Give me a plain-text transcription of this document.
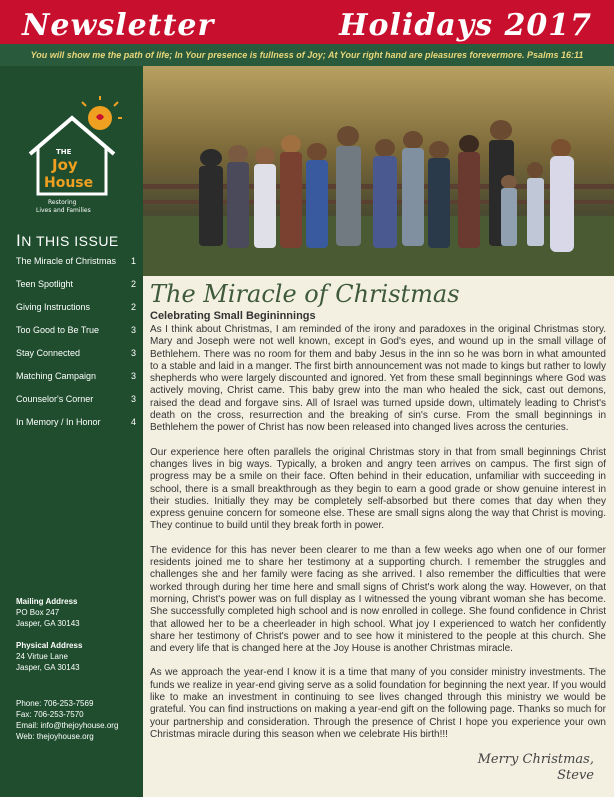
Newsletter	Holidays 2017
You will show me the path of life; In Your presence is fullness of Joy; At Your right hand are pleasures forevermore. Psalms 16:11
THE
Joy
House
Restoring
Lives and Families
IN THIS ISSUE
The Miracle of Christmas 1
Teen Spotlight	2
Giving Instructions	2
Too Good to Be True	3
Stay Connected	3
Matching Campaign	3
Counselor's Corner	3
In Memory / In Honor	4
Mailing Address
PO Box 247
Jasper, GA 30143
Physical Address
24 Virtue Lane
Jasper, GA 30143
Phone: 706-253-7569
Fax: 706-253-7570
Email: info@thejoyhouse.org
Web: thejoyhouse.org
The Miracle of Christmas
Celebrating Small Begininnings

As I think about Christmas, I am reminded of the irony and paradoxes in the original Christmas story. Mary and Joseph were not well known, except in God's eyes, and wound up in the small village of Bethlehem. There was no room for them and baby Jesus in the inn so he was born in what amounted to a stable and laid in a manger. The first birth announcement was not made to kings but rather to lowly shepherds who were largely discounted and ignored. Yet from these small beginnings where God was actively moving, Christ came. This baby grew into the man who healed the sick, cast out demons, raised the dead and forgave sins. All of Israel was turned upside down, ultimately leading to Christ's death on the cross, resurrection and the breaking of sin's curse. From the small beginnings in Bethlehem the power of Christ has now been released into changed lives across the centuries.

Our experience here often parallels the original Christmas story in that from small beginnings Christ changes lives in big ways. Typically, a broken and angry teen arrives on campus. The first sign of progress may be a smile on their face. Often behind in their education, unfamiliar with succeeding in school, there is a small breakthrough as they begin to earn a good grade or show genuine interest in their studies. Initially they may be completely self-absorbed but there comes that day when they express genuine concern for someone else. These are small signs along the way that Christ is moving. They continue to build until they break forth in power.

The evidence for this has never been clearer to me than a few weeks ago when one of our former residents joined me to share her testimony at a supporting church. I remember the struggles and challenges she and her family were facing as she arrived. I also remember the difficulties that were worked through during her time here and small signs of Christ's work along the way. However, on that morning, Christ's power was on full display as I witnessed the young vibrant woman she has become. She successfully completed high school and is now enrolled in college. She found confidence in Christ that allowed her to be a cheerleader in high school. What joy I experienced to watch her confidently share her testimony of Christ's power and to see how it ministered to the people at this church. She and every life that is changed here at the Joy House is another Christmas miracle.

As we approach the year-end I know it is a time that many of you consider ministry investments. The funds we realize in year-end giving serve as a solid foundation for beginning the next year. If you would like to make an investment in continuing to see lives changed through this ministry we would be grateful. You can find instructions on making a year-end gift on the following page. Thanks so much for your partnership and consideration. Through the presence of Christ I hope you experience your own Christmas miracle during this season when we celebrate His birth!!!

Merry Christmas,
Steve
